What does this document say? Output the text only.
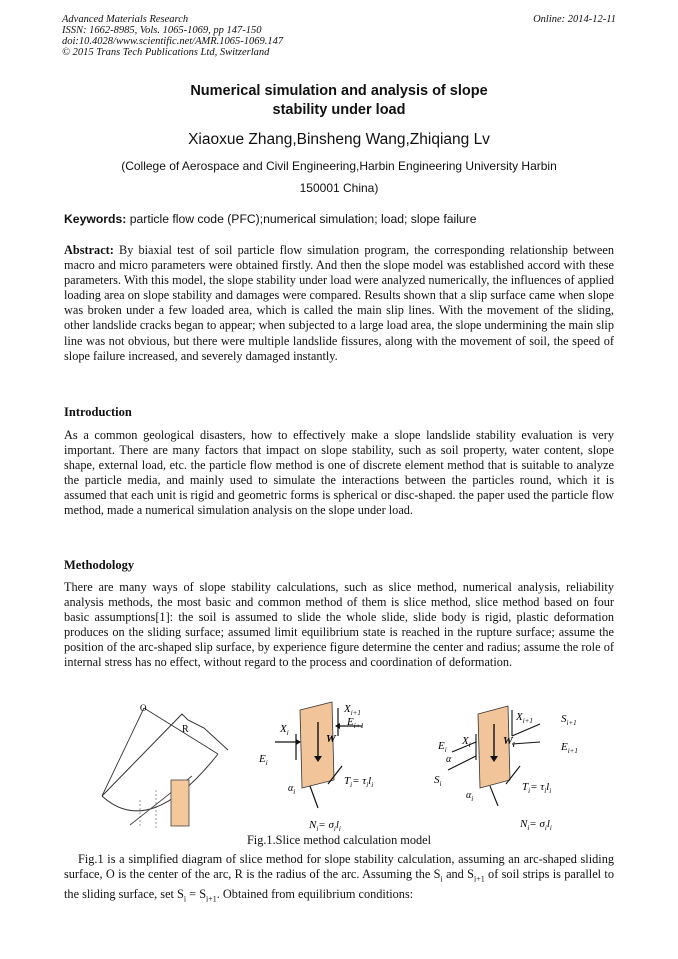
Advanced Materials Research
ISSN: 1662-8985, Vols. 1065-1069, pp 147-150
doi:10.4028/www.scientific.net/AMR.1065-1069.147
© 2015 Trans Tech Publications Ltd, Switzerland
Online: 2014-12-11
Numerical simulation and analysis of slope
stability under load
Xiaoxue Zhang,Binsheng Wang,Zhiqiang Lv
(College of Aerospace and Civil Engineering,Harbin Engineering University Harbin
150001 China)
Keywords: particle flow code (PFC);numerical simulation; load; slope failure
Abstract: By biaxial test of soil particle flow simulation program, the corresponding relationship between macro and micro parameters were obtained firstly. And then the slope model was established accord with these parameters. With this model, the slope stability under load were analyzed numerically, the influences of applied loading area on slope stability and damages were compared. Results shown that a slip surface came when slope was broken under a few loaded area, which is called the main slip lines. With the movement of the sliding, other landslide cracks began to appear; when subjected to a large load area, the slope undermining the main slip line was not obvious, but there were multiple landslide fissures, along with the movement of soil, the speed of slope failure increased, and severely damaged instantly.
Introduction
As a common geological disasters, how to effectively make a slope landslide stability evaluation is very important. There are many factors that impact on slope stability, such as soil property, water content, slope shape, external load, etc. the particle flow method is one of discrete element method that is suitable to analyze the particle media, and mainly used to simulate the interactions between the particles round, which it is assumed that each unit is rigid and geometric forms is spherical or disc-shaped. the paper used the particle flow method, made a numerical simulation analysis on the slope under load.
Methodology
There are many ways of slope stability calculations, such as slice method, numerical analysis, reliability analysis methods, the most basic and common method of them is slice method, slice method based on four basic assumptions[1]: the soil is assumed to slide the whole slide, slide body is rigid, plastic deformation produces on the sliding surface; assumed limit equilibrium state is reached in the rupture surface; assume the position of the arc-shaped slip surface, by experience figure determine the center and radius; assume the role of internal stress has no effect, without regard to the process and coordination of deformation.
O
R
$E_i$
$X_i$
$X_{i+1}$
$E_{i+1}$
W
$\alpha_i$
$T_i= \tau_il_i$
$N_i= \sigma_il_i$
$E_i$
$X_i$
$X_{i+1}$	$S_{i+1}$
$E_{i+1}$
$W_i$
$S_i$
α
$\alpha_i$
$T_i= \tau_il_i$
$N_i= \sigma_il_i$
Fig.1.Slice method calculation model
Fig.1 is a simplified diagram of slice method for slope stability calculation, assuming an arc-shaped sliding surface, O is the center of the arc, R is the radius of the arc. Assuming the $S_i$ and $S_{i+1}$ of soil strips is parallel to the sliding surface, set $S_i = S_{i+1}$. Obtained from equilibrium conditions:
